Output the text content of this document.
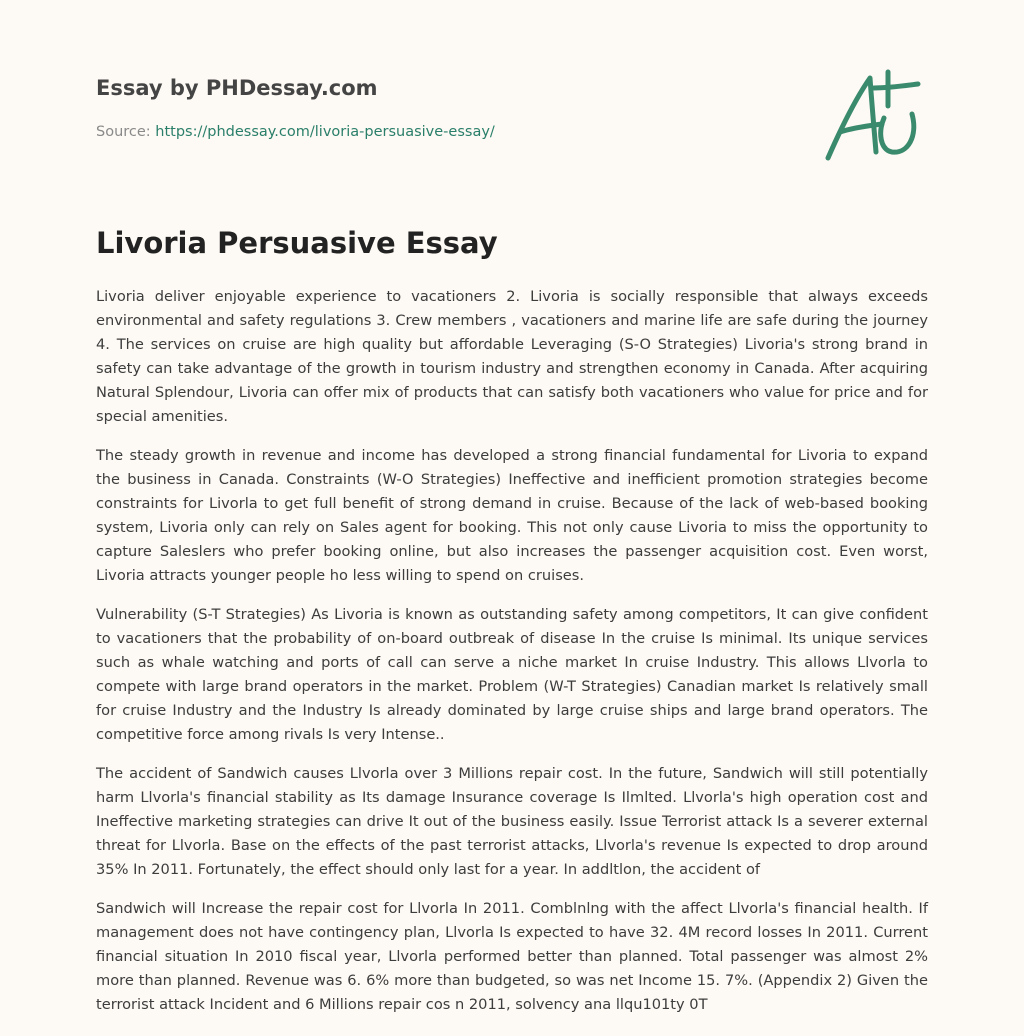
Essay by PHDessay.com
Source: https://phdessay.com/livoria-persuasive-essay/
Livoria Persuasive Essay

Livoria deliver enjoyable experience to vacationers 2. Livoria is socially responsible that always exceeds environmental and safety regulations 3. Crew members , vacationers and marine life are safe during the journey 4. The services on cruise are high quality but affordable Leveraging (S-O Strategies) Livoria's strong brand in safety can take advantage of the growth in tourism industry and strengthen economy in Canada. After acquiring Natural Splendour, Livoria can offer mix of products that can satisfy both vacationers who value for price and for special amenities.

The steady growth in revenue and income has developed a strong financial fundamental for Livoria to expand the business in Canada. Constraints (W-O Strategies) Ineffective and inefficient promotion strategies become constraints for Livorla to get full benefit of strong demand in cruise. Because of the lack of web-based booking system, Livoria only can rely on Sales agent for booking. This not only cause Livoria to miss the opportunity to capture Saleslers who prefer booking online, but also increases the passenger acquisition cost. Even worst, Livoria attracts younger people ho less willing to spend on cruises.

Vulnerability (S-T Strategies) As Livoria is known as outstanding safety among competitors, It can give confident to vacationers that the probability of on-board outbreak of disease In the cruise Is minimal. Its unique services such as whale watching and ports of call can serve a niche market In cruise Industry. This allows Llvorla to compete with large brand operators in the market. Problem (W-T Strategies) Canadian market Is relatively small for cruise Industry and the Industry Is already dominated by large cruise ships and large brand operators. The competitive force among rivals Is very Intense..

The accident of Sandwich causes Llvorla over 3 Millions repair cost. In the future, Sandwich will still potentially harm Llvorla's financial stability as Its damage Insurance coverage Is Ilmlted. Llvorla's high operation cost and Ineffective marketing strategies can drive It out of the business easily. Issue Terrorist attack Is a severer external threat for Llvorla. Base on the effects of the past terrorist attacks, Llvorla's revenue Is expected to drop around 35% In 2011. Fortunately, the effect should only last for a year. In addltlon, the accident of

Sandwich will Increase the repair cost for Llvorla In 2011. Comblnlng with the affect Llvorla's financial health. If management does not have contingency plan, Llvorla Is expected to have 32. 4M record losses In 2011. Current financial situation In 2010 fiscal year, Llvorla performed better than planned. Total passenger was almost 2% more than planned. Revenue was 6. 6% more than budgeted, so was net Income 15. 7%. (Appendix 2) Given the terrorist attack Incident and 6 Millions repair cos n 2011, solvency ana llqu101ty 0T
